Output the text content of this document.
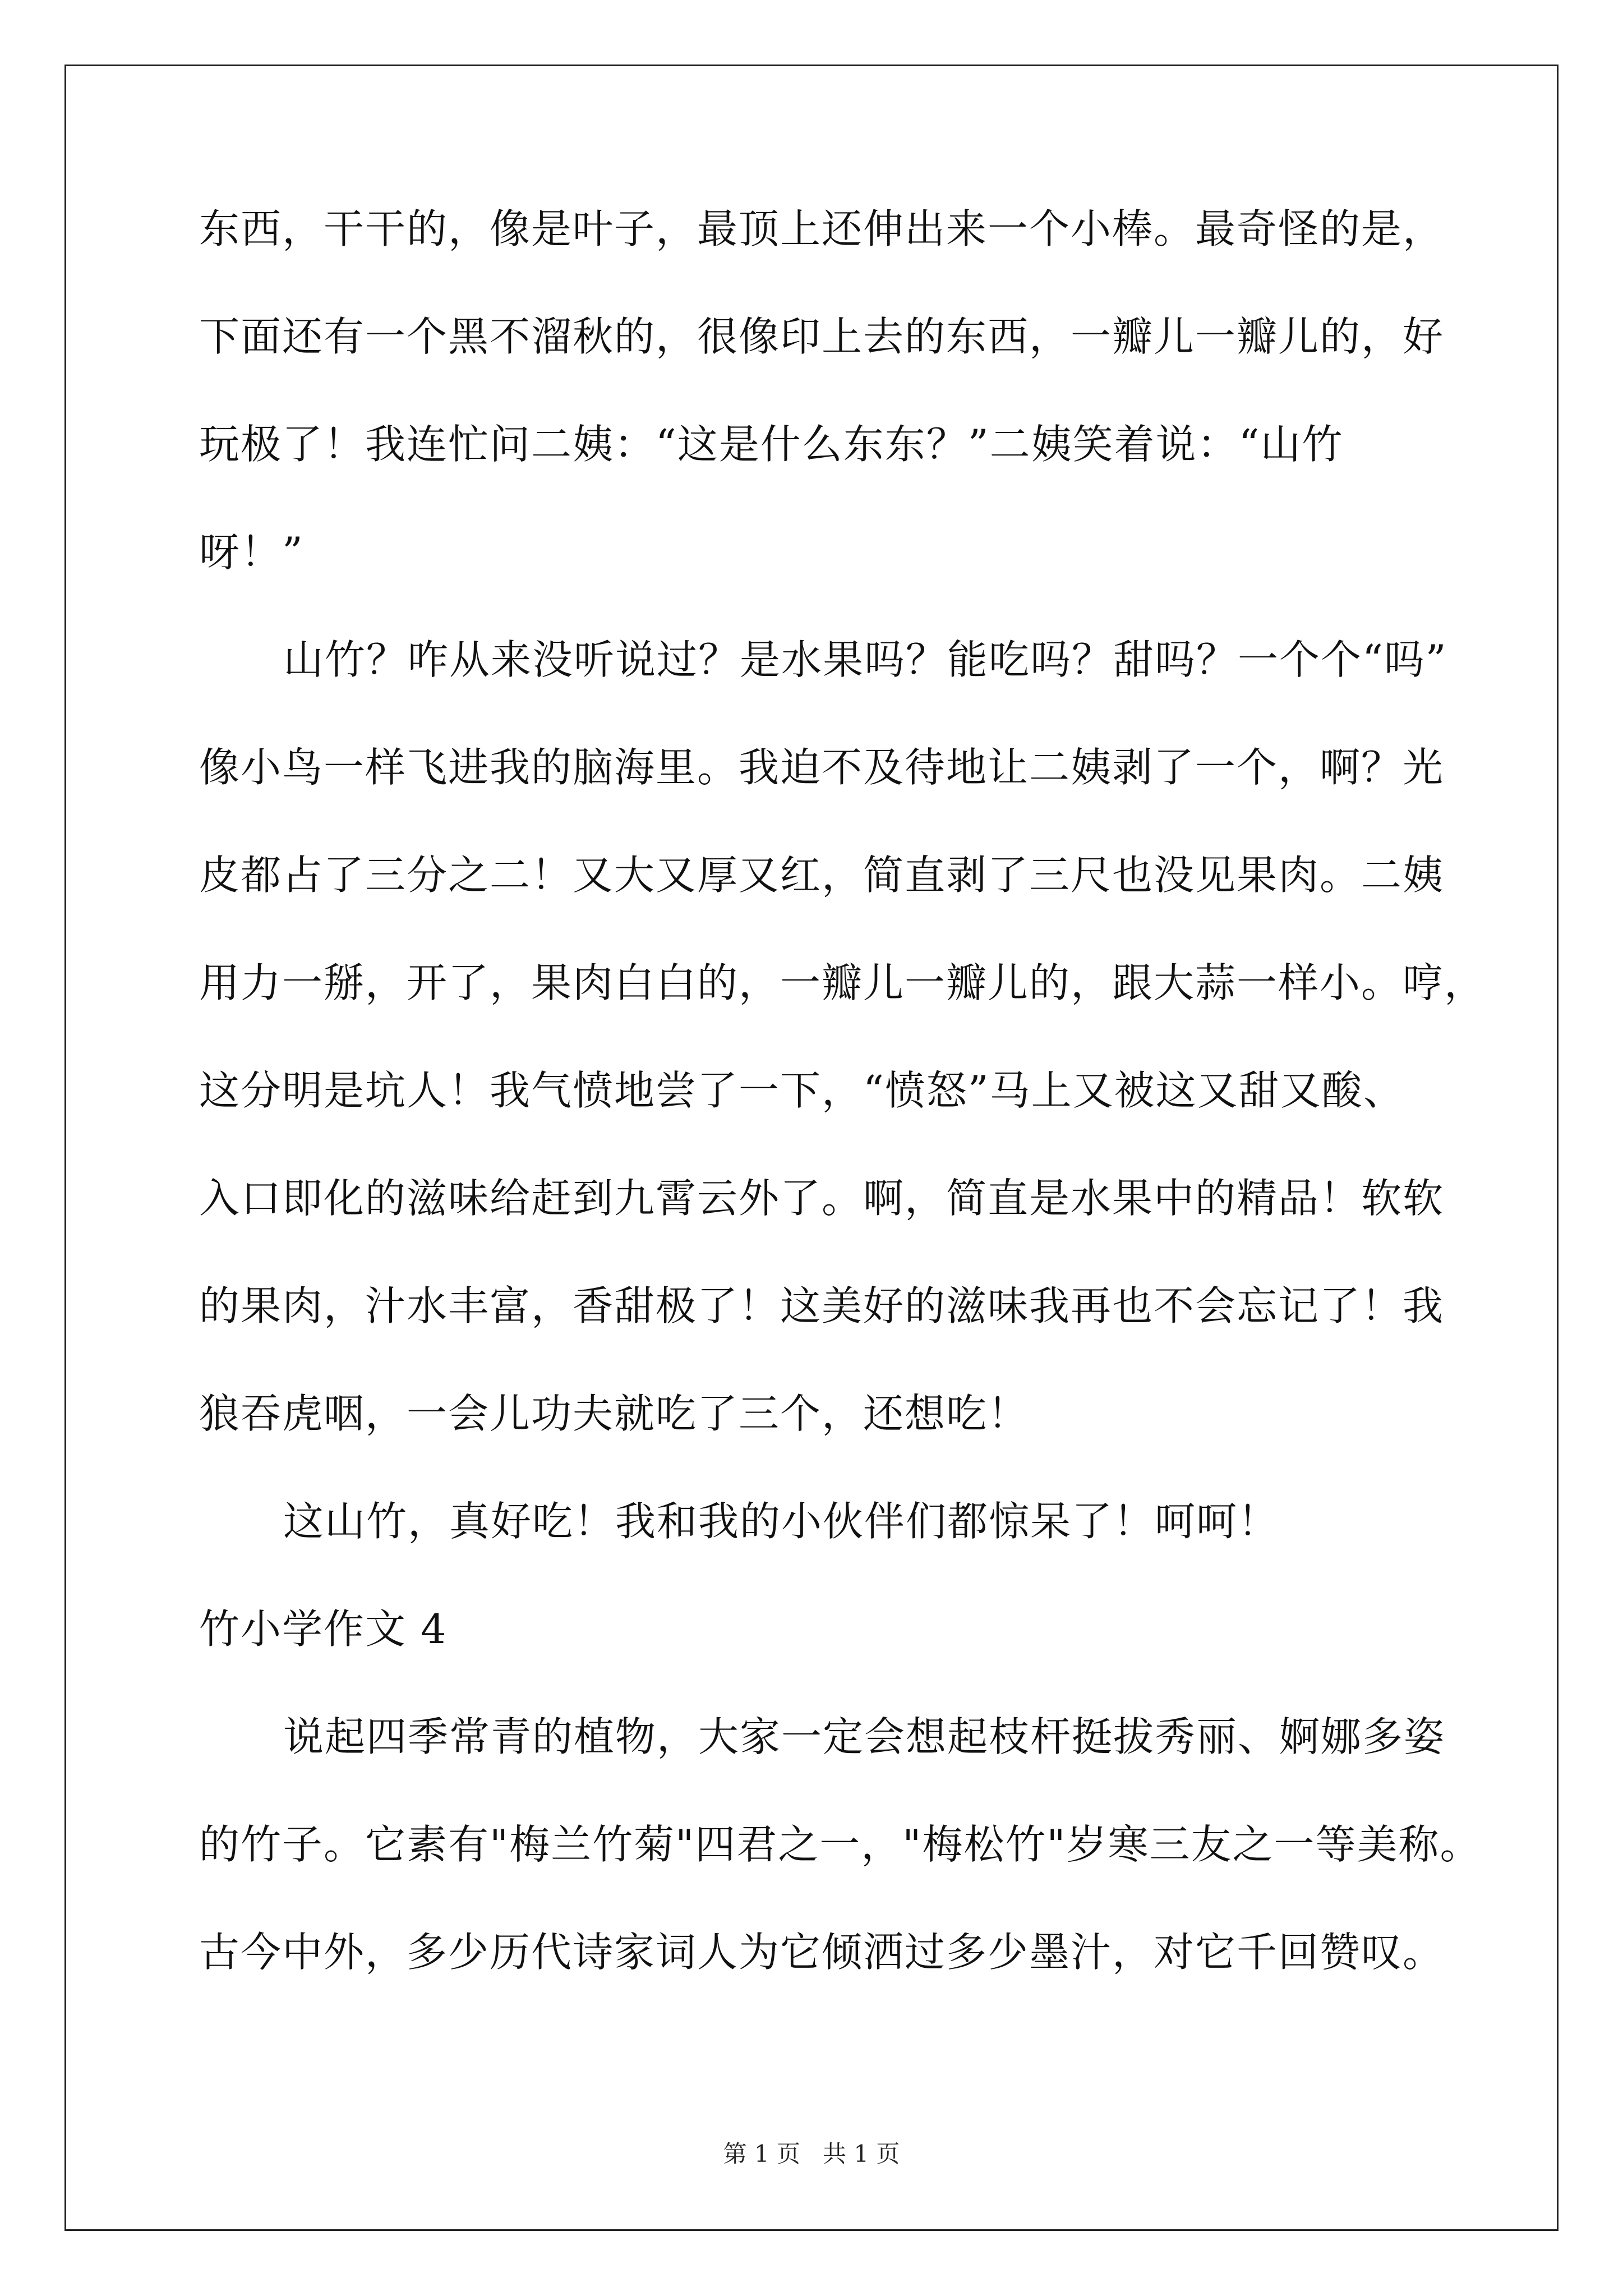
东西，干干的，像是叶子，最顶上还伸出来一个小棒。最奇怪的是，
下面还有一个黑不溜秋的，很像印上去的东西，一瓣儿一瓣儿的，好
玩极了！我连忙问二姨：“这是什么东东？”二姨笑着说：“山竹
呀！”
山竹？咋从来没听说过？是水果吗？能吃吗？甜吗？一个个“吗”
像小鸟一样飞进我的脑海里。我迫不及待地让二姨剥了一个，啊？光
皮都占了三分之二！又大又厚又红，简直剥了三尺也没见果肉。二姨
用力一掰，开了，果肉白白的，一瓣儿一瓣儿的，跟大蒜一样小。哼，
这分明是坑人！我气愤地尝了一下，“愤怒”马上又被这又甜又酸、
入口即化的滋味给赶到九霄云外了。啊，简直是水果中的精品！软软
的果肉，汁水丰富，香甜极了！这美好的滋味我再也不会忘记了！我
狼吞虎咽，一会儿功夫就吃了三个，还想吃！
这山竹，真好吃！我和我的小伙伴们都惊呆了！呵呵！
竹小学作文 4
说起四季常青的植物，大家一定会想起枝杆挺拔秀丽、婀娜多姿
的竹子。它素有"梅兰竹菊"四君之一，"梅松竹"岁寒三友之一等美称。
古今中外，多少历代诗家词人为它倾洒过多少墨汁，对它千回赞叹。
第 1 页 共 1 页
